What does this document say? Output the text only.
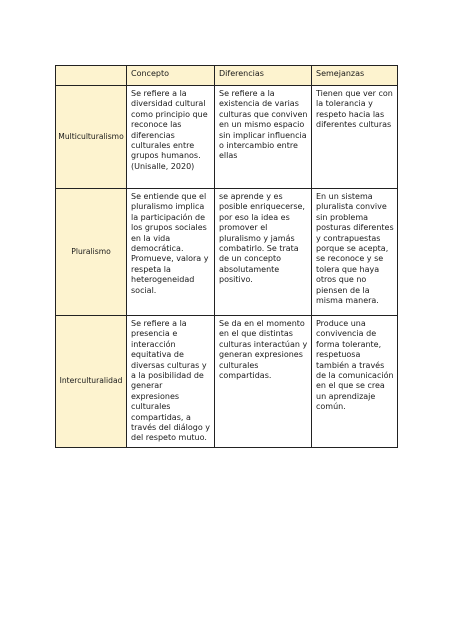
	Concepto	Diferencias	Semejanzas
Multiculturalismo	Se refiere a la diversidad cultural como principio que reconoce las diferencias culturales entre grupos humanos. (Unisalle, 2020)	Se refiere a la existencia de varias culturas que conviven en un mismo espacio sin implicar influencia o intercambio entre ellas	Tienen que ver con la tolerancia y respeto hacia las diferentes culturas
Pluralismo	Se entiende que el pluralismo implica la participación de los grupos sociales en la vida democrática. Promueve, valora y respeta la heterogeneidad social.	se aprende y es posible enriquecerse, por eso la idea es promover el pluralismo y jamás combatirlo. Se trata de un concepto absolutamente positivo.	En un sistema pluralista convive sin problema posturas diferentes y contrapuestas porque se acepta, se reconoce y se tolera que haya otros que no piensen de la misma manera.
Interculturalidad	Se refiere a la presencia e interacción equitativa de diversas culturas y a la posibilidad de generar expresiones culturales compartidas, a través del diálogo y del respeto mutuo.	Se da en el momento en el que distintas culturas interactúan y generan expresiones culturales compartidas.	Produce una convivencia de forma tolerante, respetuosa también a través de la comunicación en el que se crea un aprendizaje común.
